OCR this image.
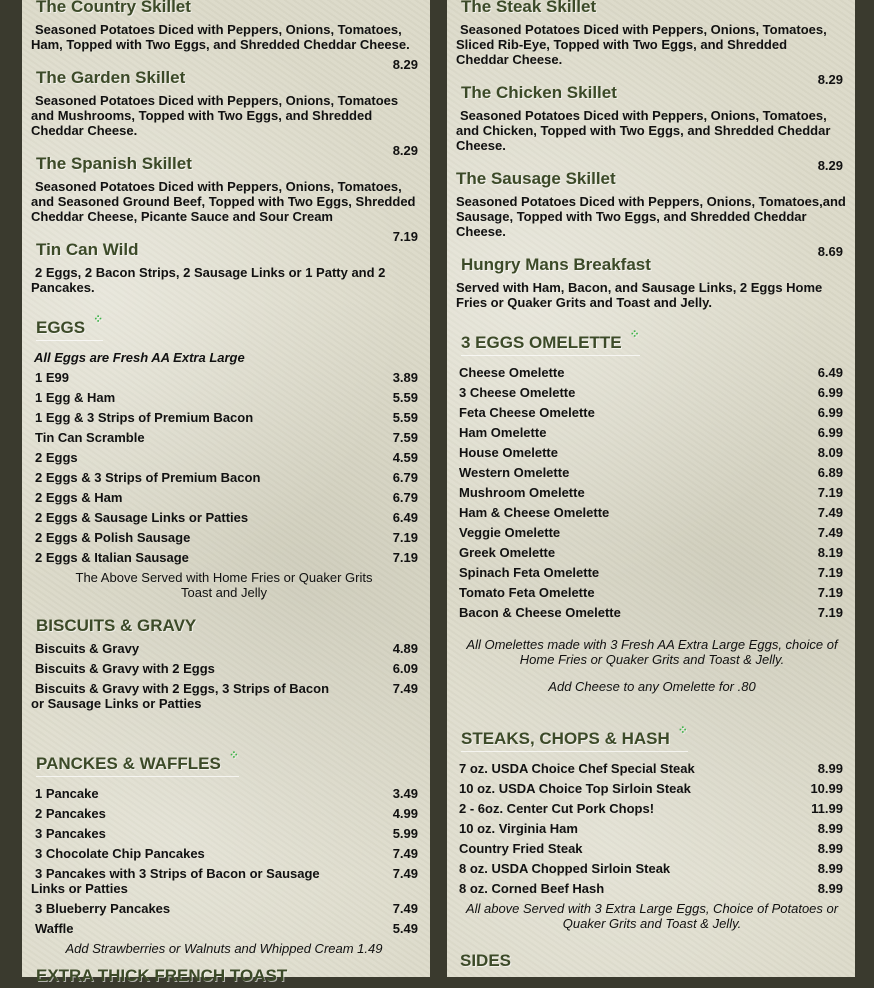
The Country Skillet
Seasoned Potatoes Diced with Peppers, Onions, Tomatoes, Ham, Topped with Two Eggs, and Shredded Cheddar Cheese.
8.29
The Garden Skillet
Seasoned Potatoes Diced with Peppers, Onions, Tomatoes and Mushrooms, Topped with Two Eggs, and Shredded Cheddar Cheese.
8.29
The Spanish Skillet
Seasoned Potatoes Diced with Peppers, Onions, Tomatoes, and Seasoned Ground Beef, Topped with Two Eggs, Shredded Cheddar Cheese, Picante Sauce and Sour Cream
7.19
Tin Can Wild
2 Eggs, 2 Bacon Strips, 2 Sausage Links or 1 Patty and 2 Pancakes.
EGGS ⁘
All Eggs are Fresh AA Extra Large
1 E99	3.89
1 Egg & Ham	5.59
1 Egg & 3 Strips of Premium Bacon	5.59
Tin Can Scramble	7.59
2 Eggs	4.59
2 Eggs & 3 Strips of Premium Bacon	6.79
2 Eggs & Ham	6.79
2 Eggs & Sausage Links or Patties	6.49
2 Eggs & Polish Sausage	7.19
2 Eggs & Italian Sausage	7.19
The Above Served with Home Fries or Quaker Grits Toast and Jelly
BISCUITS & GRAVY
Biscuits & Gravy	4.89
Biscuits & Gravy with 2 Eggs	6.09
Biscuits & Gravy with 2 Eggs, 3 Strips of Bacon or Sausage Links or Patties
7.49
PANCKES & WAFFLES ⁘
1 Pancake	3.49
2 Pancakes	4.99
3 Pancakes	5.99
3 Chocolate Chip Pancakes	7.49
3 Pancakes with 3 Strips of Bacon or Sausage Links or Patties
7.49
3 Blueberry Pancakes	7.49
Waffle	5.49
Add Strawberries or Walnuts and Whipped Cream 1.49
EXTRA THICK FRENCH TOAST
The Steak Skillet
Seasoned Potatoes Diced with Peppers, Onions, Tomatoes, Sliced Rib-Eye, Topped with Two Eggs, and Shredded Cheddar Cheese.
8.29
The Chicken Skillet
Seasoned Potatoes Diced with Peppers, Onions, Tomatoes, and Chicken, Topped with Two Eggs, and Shredded Cheddar Cheese.
8.29
The Sausage Skillet
Seasoned Potatoes Diced with Peppers, Onions, Tomatoes,and Sausage, Topped with Two Eggs, and Shredded Cheddar Cheese.
8.69
Hungry Mans Breakfast
Served with Ham, Bacon, and Sausage Links, 2 Eggs Home Fries or Quaker Grits and Toast and Jelly.
3 EGGS OMELETTE ⁘
Cheese Omelette	6.49
3 Cheese Omelette	6.99
Feta Cheese Omelette	6.99
Ham Omelette	6.99
House Omelette	8.09
Western Omelette	6.89
Mushroom Omelette	7.19
Ham & Cheese Omelette	7.49
Veggie Omelette	7.49
Greek Omelette	8.19
Spinach Feta Omelette	7.19
Tomato Feta Omelette	7.19
Bacon & Cheese Omelette	7.19
All Omelettes made with 3 Fresh AA Extra Large Eggs, choice of Home Fries or Quaker Grits and Toast & Jelly.
Add Cheese to any Omelette for .80
STEAKS, CHOPS & HASH ⁘
7 oz. USDA Choice Chef Special Steak	8.99
10 oz. USDA Choice Top Sirloin Steak	10.99
2 - 6oz. Center Cut Pork Chops!	11.99
10 oz. Virginia Ham	8.99
Country Fried Steak	8.99
8 oz. USDA Chopped Sirloin Steak	8.99
8 oz. Corned Beef Hash	8.99
All above Served with 3 Extra Large Eggs, Choice of Potatoes or Quaker Grits and Toast & Jelly.
SIDES
